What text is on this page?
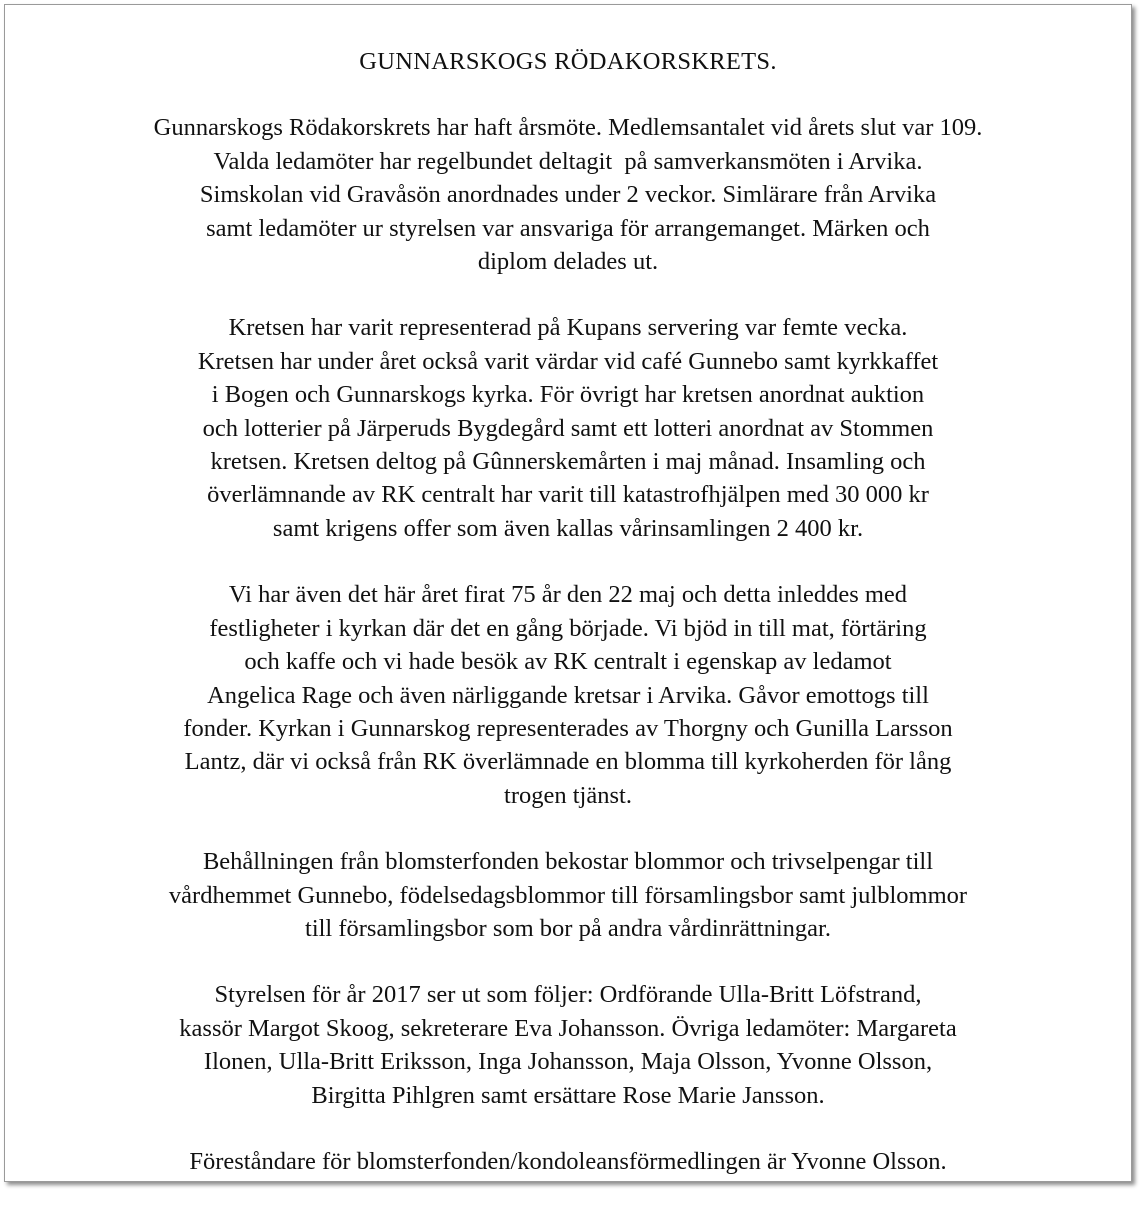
GUNNARSKOGS RÖDAKORSKRETS.
Gunnarskogs Rödakorskrets har haft årsmöte. Medlemsantalet vid årets slut var 109.
Valda ledamöter har regelbundet deltagit  på samverkansmöten i Arvika.
Simskolan vid Gravåsön anordnades under 2 veckor. Simlärare från Arvika
samt ledamöter ur styrelsen var ansvariga för arrangemanget. Märken och
diplom delades ut.
Kretsen har varit representerad på Kupans servering var femte vecka.
Kretsen har under året också varit värdar vid café Gunnebo samt kyrkkaffet
i Bogen och Gunnarskogs kyrka. För övrigt har kretsen anordnat auktion
och lotterier på Järperuds Bygdegård samt ett lotteri anordnat av Stommen
kretsen. Kretsen deltog på Gûnnerskemårten i maj månad. Insamling och
överlämnande av RK centralt har varit till katastrofhjälpen med 30 000 kr
samt krigens offer som även kallas vårinsamlingen 2 400 kr.
Vi har även det här året firat 75 år den 22 maj och detta inleddes med
festligheter i kyrkan där det en gång började. Vi bjöd in till mat, förtäring
och kaffe och vi hade besök av RK centralt i egenskap av ledamot
Angelica Rage och även närliggande kretsar i Arvika. Gåvor emottogs till
fonder. Kyrkan i Gunnarskog representerades av Thorgny och Gunilla Larsson
Lantz, där vi också från RK överlämnade en blomma till kyrkoherden för lång
trogen tjänst.
Behållningen från blomsterfonden bekostar blommor och trivselpengar till
vårdhemmet Gunnebo, födelsedagsblommor till församlingsbor samt julblommor
till församlingsbor som bor på andra vårdinrättningar.
Styrelsen för år 2017 ser ut som följer: Ordförande Ulla-Britt Löfstrand,
kassör Margot Skoog, sekreterare Eva Johansson. Övriga ledamöter: Margareta
Ilonen, Ulla-Britt Eriksson, Inga Johansson, Maja Olsson, Yvonne Olsson,
Birgitta Pihlgren samt ersättare Rose Marie Jansson.
Föreståndare för blomsterfonden/kondoleansförmedlingen är Yvonne Olsson.
